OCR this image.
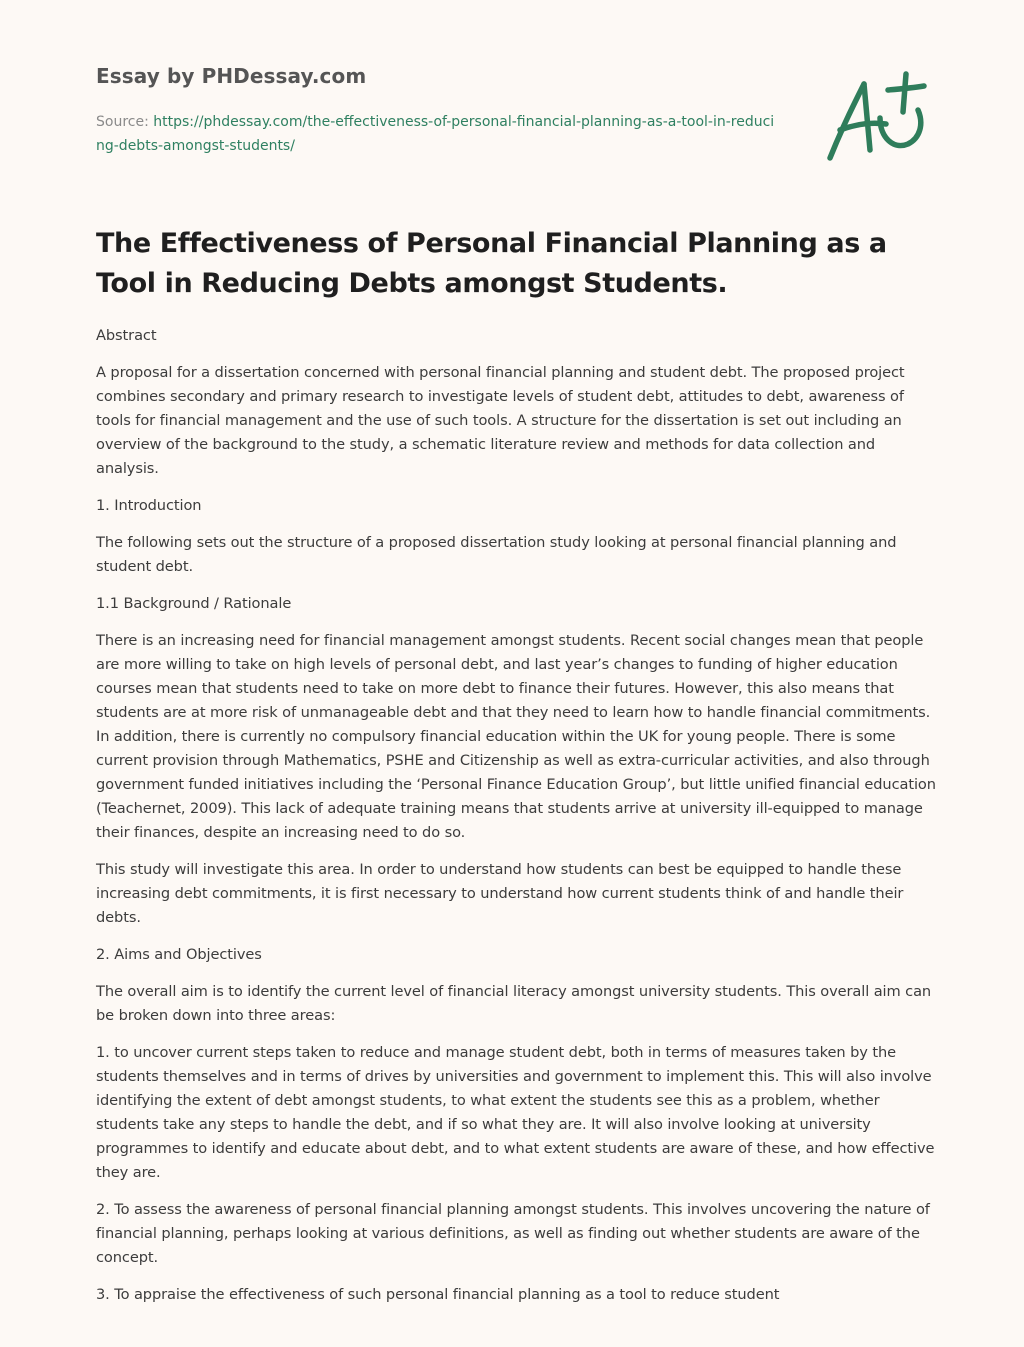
Essay by PHDessay.com
Source: https://phdessay.com/the-effectiveness-of-personal-financial-planning-as-a-tool-in-reducing-debts-amongst-students/
The Effectiveness of Personal Financial Planning as a Tool in Reducing Debts amongst Students.

Abstract

A proposal for a dissertation concerned with personal financial planning and student debt. The proposed project combines secondary and primary research to investigate levels of student debt, attitudes to debt, awareness of tools for financial management and the use of such tools. A structure for the dissertation is set out including an overview of the background to the study, a schematic literature review and methods for data collection and analysis.

1. Introduction

The following sets out the structure of a proposed dissertation study looking at personal financial planning and student debt.

1.1 Background / Rationale

There is an increasing need for financial management amongst students. Recent social changes mean that people are more willing to take on high levels of personal debt, and last year’s changes to funding of higher education courses mean that students need to take on more debt to finance their futures. However, this also means that students are at more risk of unmanageable debt and that they need to learn how to handle financial commitments. In addition, there is currently no compulsory financial education within the UK for young people. There is some current provision through Mathematics, PSHE and Citizenship as well as extra-curricular activities, and also through government funded initiatives including the ‘Personal Finance Education Group’, but little unified financial education (Teachernet, 2009). This lack of adequate training means that students arrive at university ill-equipped to manage their finances, despite an increasing need to do so.

This study will investigate this area. In order to understand how students can best be equipped to handle these increasing debt commitments, it is first necessary to understand how current students think of and handle their debts.

2. Aims and Objectives

The overall aim is to identify the current level of financial literacy amongst university students. This overall aim can be broken down into three areas:

1. to uncover current steps taken to reduce and manage student debt, both in terms of measures taken by the students themselves and in terms of drives by universities and government to implement this. This will also involve identifying the extent of debt amongst students, to what extent the students see this as a problem, whether students take any steps to handle the debt, and if so what they are. It will also involve looking at university programmes to identify and educate about debt, and to what extent students are aware of these, and how effective they are.

2. To assess the awareness of personal financial planning amongst students. This involves uncovering the nature of financial planning, perhaps looking at various definitions, as well as finding out whether students are aware of the concept.

3. To appraise the effectiveness of such personal financial planning as a tool to reduce student
